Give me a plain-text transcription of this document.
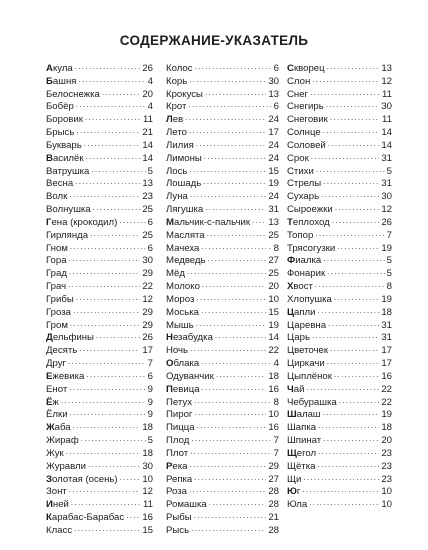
СОДЕРЖАНИЕ-УКАЗАТЕЛЬ
Акула .....	26
Башня .....	4
Белоснежка .....	20
Бобёр .....	4
Боровик .....	11
Брысь .....	21
Букварь .....	14
Василёк .....	14
Ватрушка .....	5
Весна .....	13
Волк .....	23
Волнушка .....	25
Гена (крокодил) .....	6
Гирлянда .....	25
Гном .....	6
Гора .....	30
Град .....	29
Грач .....	22
Грибы .....	12
Гроза .....	29
Гром .....	29
Дельфины .....	26
Десять .....	17
Друг .....	7
Ежевика .....	6
Енот .....	9
Ёж .....	9
Ёлки .....	9
Жаба .....	18
Жираф .....	5
Жук .....	18
Журавли .....	30
Золотая (осень) .....	10
Зонт .....	12
Иней .....	11
Карабас-Барабас ..... 16
Класс .....	15
Колос .....	6
Корь .....	30
Крокусы .....	13
Крот .....	6
Лев .....	24
Лето .....	17
Лилия .....	24
Лимоны .....	24
Лось .....	15
Лошадь .....	19
Луна .....	24
Лягушка .....	31
Мальчик-с-пальчик ..... 13
Маслята .....	25
Мачеха .....	8
Медведь .....	27
Мёд .....	25
Молоко .....	20
Мороз .....	10
Моська .....	15
Мышь .....	19
Незабудка .....	14
Ночь .....	22
Облака .....	4
Одуванчик .....	18
Певица .....	16
Петух .....	8
Пирог .....	10
Пицца .....	16
Плод .....	7
Плот .....	7
Река .....	29
Репка .....	27
Роза .....	28
Ромашка .....	28
Рыбы .....	21
Рысь .....	28
Скворец .....	13
Слон .....	12
Снег .....	11
Снегирь .....	30
Снеговик .....	11
Солнце .....	14
Соловей .....	14
Срок .....	31
Стихи .....	5
Стрелы .....	31
Сухарь .....	30
Сыроежки .....	12
Теплоход .....	26
Топор .....	7
Трясогузки .....	19
Фиалка .....	5
Фонарик .....	5
Хвост .....	8
Хлопушка .....	19
Цапли .....	18
Царевна .....	31
Царь .....	31
Цветочек .....	17
Циркачи .....	17
Цыплёнок .....	16
Чай .....	22
Чебурашка .....	22
Шалаш .....	19
Шапка .....	18
Шпинат .....	20
Щегол .....	23
Щётка .....	23
Щи .....	23
Юг .....	10
Юла .....	10
